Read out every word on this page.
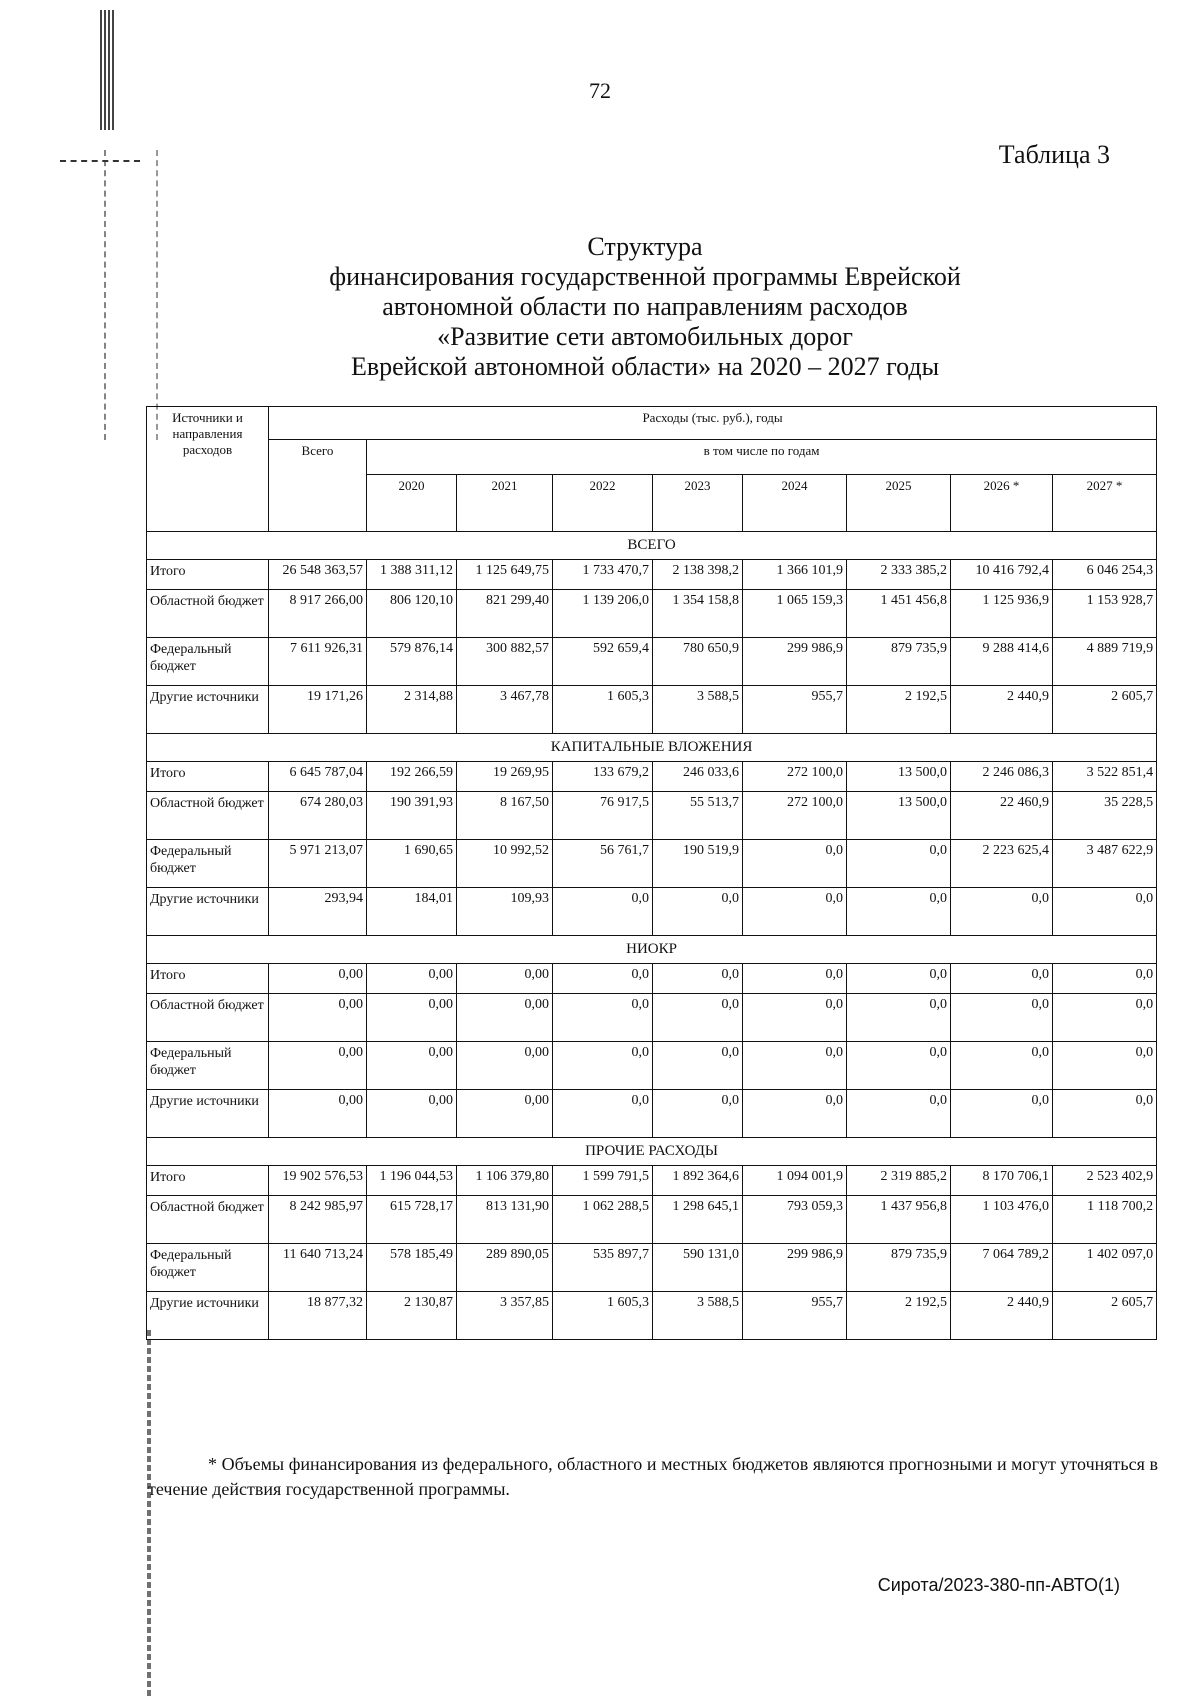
72
Таблица 3
Структура
финансирования государственной программы Еврейской
автономной области по направлениям расходов
«Развитие сети автомобильных дорог
Еврейской автономной области» на 2020 – 2027 годы
Источники и направления расходов	Расходы (тыс. руб.), годы								
	Всего	в том числе по годам							
		2020	2021	2022	2023	2024	2025	2026 *	2027 *
ВСЕГО									
Итого	26 548 363,57	1 388 311,12	1 125 649,75	1 733 470,7	2 138 398,2	1 366 101,9	2 333 385,2	10 416 792,4	6 046 254,3
Областной бюджет	8 917 266,00	806 120,10	821 299,40	1 139 206,0	1 354 158,8	1 065 159,3	1 451 456,8	1 125 936,9	1 153 928,7
Федеральный бюджет	7 611 926,31	579 876,14	300 882,57	592 659,4	780 650,9	299 986,9	879 735,9	9 288 414,6	4 889 719,9
Другие источники	19 171,26	2 314,88	3 467,78	1 605,3	3 588,5	955,7	2 192,5	2 440,9	2 605,7
КАПИТАЛЬНЫЕ ВЛОЖЕНИЯ									
Итого	6 645 787,04	192 266,59	19 269,95	133 679,2	246 033,6	272 100,0	13 500,0	2 246 086,3	3 522 851,4
Областной бюджет	674 280,03	190 391,93	8 167,50	76 917,5	55 513,7	272 100,0	13 500,0	22 460,9	35 228,5
Федеральный бюджет	5 971 213,07	1 690,65	10 992,52	56 761,7	190 519,9	0,0	0,0	2 223 625,4	3 487 622,9
Другие источники	293,94	184,01	109,93	0,0	0,0	0,0	0,0	0,0	0,0
НИОКР									
Итого	0,00	0,00	0,00	0,0	0,0	0,0	0,0	0,0	0,0
Областной бюджет	0,00	0,00	0,00	0,0	0,0	0,0	0,0	0,0	0,0
Федеральный бюджет	0,00	0,00	0,00	0,0	0,0	0,0	0,0	0,0	0,0
Другие источники	0,00	0,00	0,00	0,0	0,0	0,0	0,0	0,0	0,0
ПРОЧИЕ РАСХОДЫ									
Итого	19 902 576,53	1 196 044,53	1 106 379,80	1 599 791,5	1 892 364,6	1 094 001,9	2 319 885,2	8 170 706,1	2 523 402,9
Областной бюджет	8 242 985,97	615 728,17	813 131,90	1 062 288,5	1 298 645,1	793 059,3	1 437 956,8	1 103 476,0	1 118 700,2
Федеральный бюджет	11 640 713,24	578 185,49	289 890,05	535 897,7	590 131,0	299 986,9	879 735,9	7 064 789,2	1 402 097,0
Другие источники	18 877,32	2 130,87	3 357,85	1 605,3	3 588,5	955,7	2 192,5	2 440,9	2 605,7
* Объемы финансирования из федерального, областного и местных бюджетов являются прогнозными и могут уточняться в течение действия государственной программы.
Сирота/2023-380-пп-АВТО(1)
